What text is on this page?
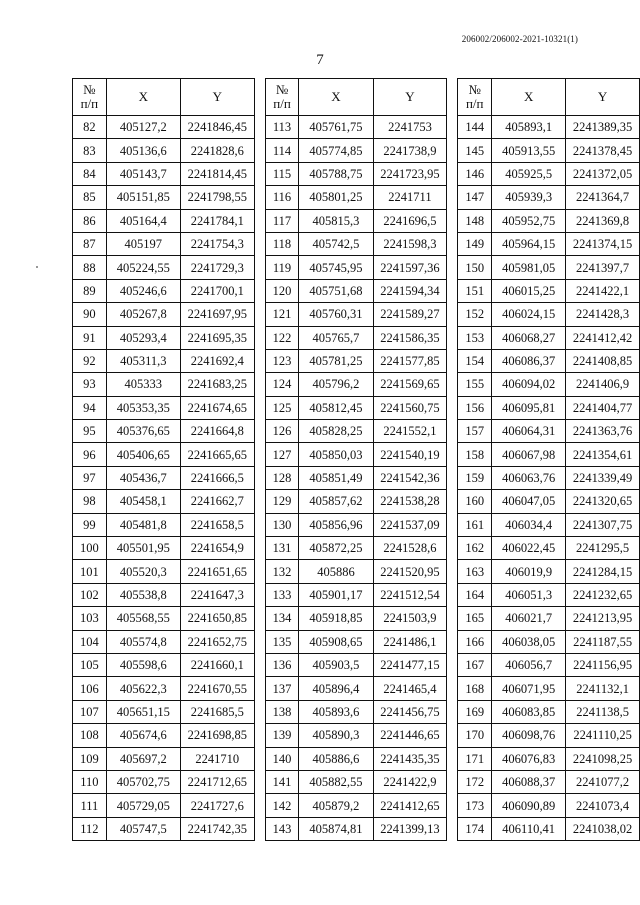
206002/206002-2021-10321(1)
7
№
п/п	X	Y
82	405127,2	2241846,45
83	405136,6	2241828,6
84	405143,7	2241814,45
85	405151,85	2241798,55
86	405164,4	2241784,1
87	405197	2241754,3
88	405224,55	2241729,3
89	405246,6	2241700,1
90	405267,8	2241697,95
91	405293,4	2241695,35
92	405311,3	2241692,4
93	405333	2241683,25
94	405353,35	2241674,65
95	405376,65	2241664,8
96	405406,65	2241665,65
97	405436,7	2241666,5
98	405458,1	2241662,7
99	405481,8	2241658,5
100	405501,95	2241654,9
101	405520,3	2241651,65
102	405538,8	2241647,3
103	405568,55	2241650,85
104	405574,8	2241652,75
105	405598,6	2241660,1
106	405622,3	2241670,55
107	405651,15	2241685,5
108	405674,6	2241698,85
109	405697,2	2241710
110	405702,75	2241712,65
111	405729,05	2241727,6
112	405747,5	2241742,35
№
п/п	X	Y
113	405761,75	2241753
114	405774,85	2241738,9
115	405788,75	2241723,95
116	405801,25	2241711
117	405815,3	2241696,5
118	405742,5	2241598,3
119	405745,95	2241597,36
120	405751,68	2241594,34
121	405760,31	2241589,27
122	405765,7	2241586,35
123	405781,25	2241577,85
124	405796,2	2241569,65
125	405812,45	2241560,75
126	405828,25	2241552,1
127	405850,03	2241540,19
128	405851,49	2241542,36
129	405857,62	2241538,28
130	405856,96	2241537,09
131	405872,25	2241528,6
132	405886	2241520,95
133	405901,17	2241512,54
134	405918,85	2241503,9
135	405908,65	2241486,1
136	405903,5	2241477,15
137	405896,4	2241465,4
138	405893,6	2241456,75
139	405890,3	2241446,65
140	405886,6	2241435,35
141	405882,55	2241422,9
142	405879,2	2241412,65
143	405874,81	2241399,13
№
п/п	X	Y
144	405893,1	2241389,35
145	405913,55	2241378,45
146	405925,5	2241372,05
147	405939,3	2241364,7
148	405952,75	2241369,8
149	405964,15	2241374,15
150	405981,05	2241397,7
151	406015,25	2241422,1
152	406024,15	2241428,3
153	406068,27	2241412,42
154	406086,37	2241408,85
155	406094,02	2241406,9
156	406095,81	2241404,77
157	406064,31	2241363,76
158	406067,98	2241354,61
159	406063,76	2241339,49
160	406047,05	2241320,65
161	406034,4	2241307,75
162	406022,45	2241295,5
163	406019,9	2241284,15
164	406051,3	2241232,65
165	406021,7	2241213,95
166	406038,05	2241187,55
167	406056,7	2241156,95
168	406071,95	2241132,1
169	406083,85	2241138,5
170	406098,76	2241110,25
171	406076,83	2241098,25
172	406088,37	2241077,2
173	406090,89	2241073,4
174	406110,41	2241038,02
